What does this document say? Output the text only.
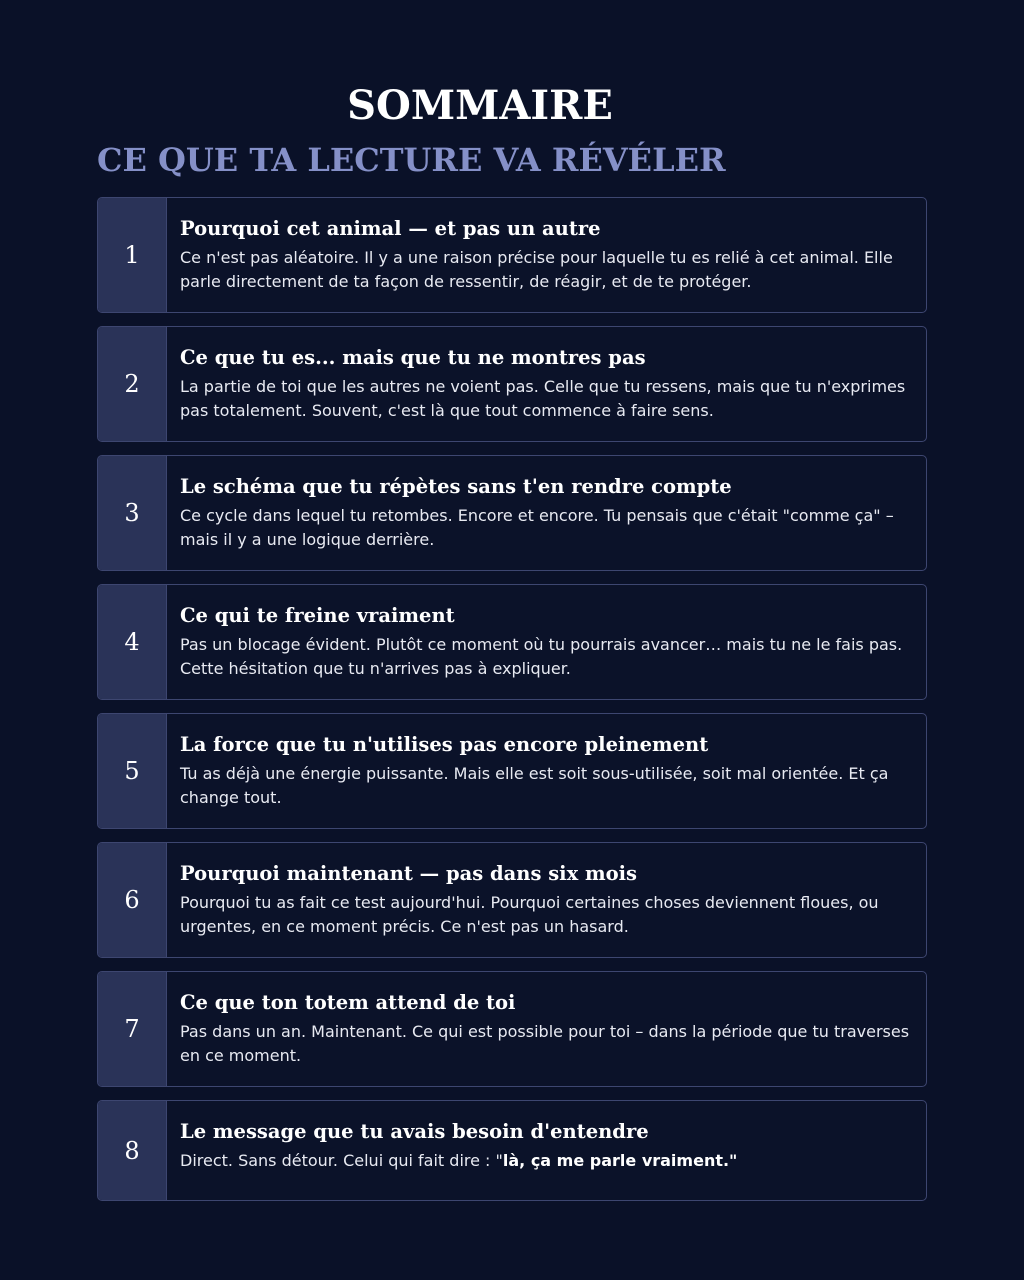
SOMMAIRE
CE QUE TA LECTURE VA RÉVÉLER
1

Pourquoi cet animal — et pas un autre

Ce n'est pas aléatoire. Il y a une raison précise pour laquelle tu es relié à cet animal. Elle parle directement de ta façon de ressentir, de réagir, et de te protéger.

2

Ce que tu es... mais que tu ne montres pas

La partie de toi que les autres ne voient pas. Celle que tu ressens, mais que tu n'exprimes pas totalement. Souvent, c'est là que tout commence à faire sens.

3

Le schéma que tu répètes sans t'en rendre compte

Ce cycle dans lequel tu retombes. Encore et encore. Tu pensais que c'était "comme ça" – mais il y a une logique derrière.

4

Ce qui te freine vraiment

Pas un blocage évident. Plutôt ce moment où tu pourrais avancer… mais tu ne le fais pas. Cette hésitation que tu n'arrives pas à expliquer.

5

La force que tu n'utilises pas encore pleinement

Tu as déjà une énergie puissante. Mais elle est soit sous-utilisée, soit mal orientée. Et ça change tout.

6

Pourquoi maintenant — pas dans six mois

Pourquoi tu as fait ce test aujourd'hui. Pourquoi certaines choses deviennent floues, ou urgentes, en ce moment précis. Ce n'est pas un hasard.

7

Ce que ton totem attend de toi

Pas dans un an. Maintenant. Ce qui est possible pour toi – dans la période que tu traverses en ce moment.

8

Le message que tu avais besoin d'entendre

Direct. Sans détour. Celui qui fait dire : "là, ça me parle vraiment."
